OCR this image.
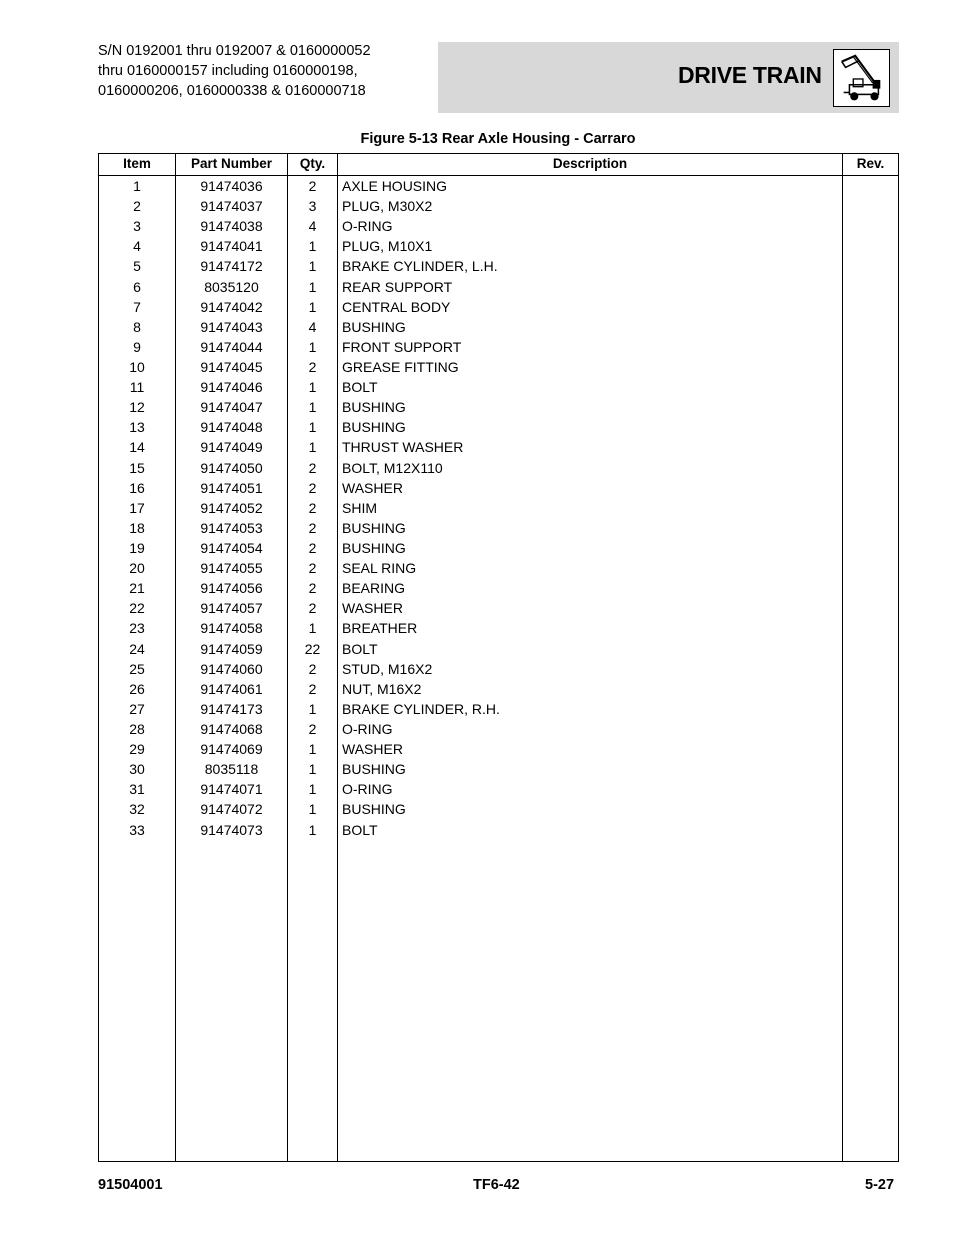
S/N 0192001 thru 0192007 & 0160000052
thru 0160000157 including 0160000198,
0160000206, 0160000338 & 0160000718
DRIVE TRAIN
Figure 5-13 Rear Axle Housing - Carraro
Item	Part Number	Qty.	Description	Rev.
1	91474036	2	AXLE HOUSING
2	91474037	3	PLUG, M30X2
3	91474038	4	O-RING
4	91474041	1	PLUG, M10X1
5	91474172	1	BRAKE CYLINDER, L.H.
6	8035120	1	REAR SUPPORT
7	91474042	1	CENTRAL BODY
8	91474043	4	BUSHING
9	91474044	1	FRONT SUPPORT
10	91474045	2	GREASE FITTING
11	91474046	1	BOLT
12	91474047	1	BUSHING
13	91474048	1	BUSHING
14	91474049	1	THRUST WASHER
15	91474050	2	BOLT, M12X110
16	91474051	2	WASHER
17	91474052	2	SHIM
18	91474053	2	BUSHING
19	91474054	2	BUSHING
20	91474055	2	SEAL RING
21	91474056	2	BEARING
22	91474057	2	WASHER
23	91474058	1	BREATHER
24	91474059	22	BOLT
25	91474060	2	STUD, M16X2
26	91474061	2	NUT, M16X2
27	91474173	1	BRAKE CYLINDER, R.H.
28	91474068	2	O-RING
29	91474069	1	WASHER
30	8035118	1	BUSHING
31	91474071	1	O-RING
32	91474072	1	BUSHING
33	91474073	1	BOLT
91504001	TF6-42	5-27
